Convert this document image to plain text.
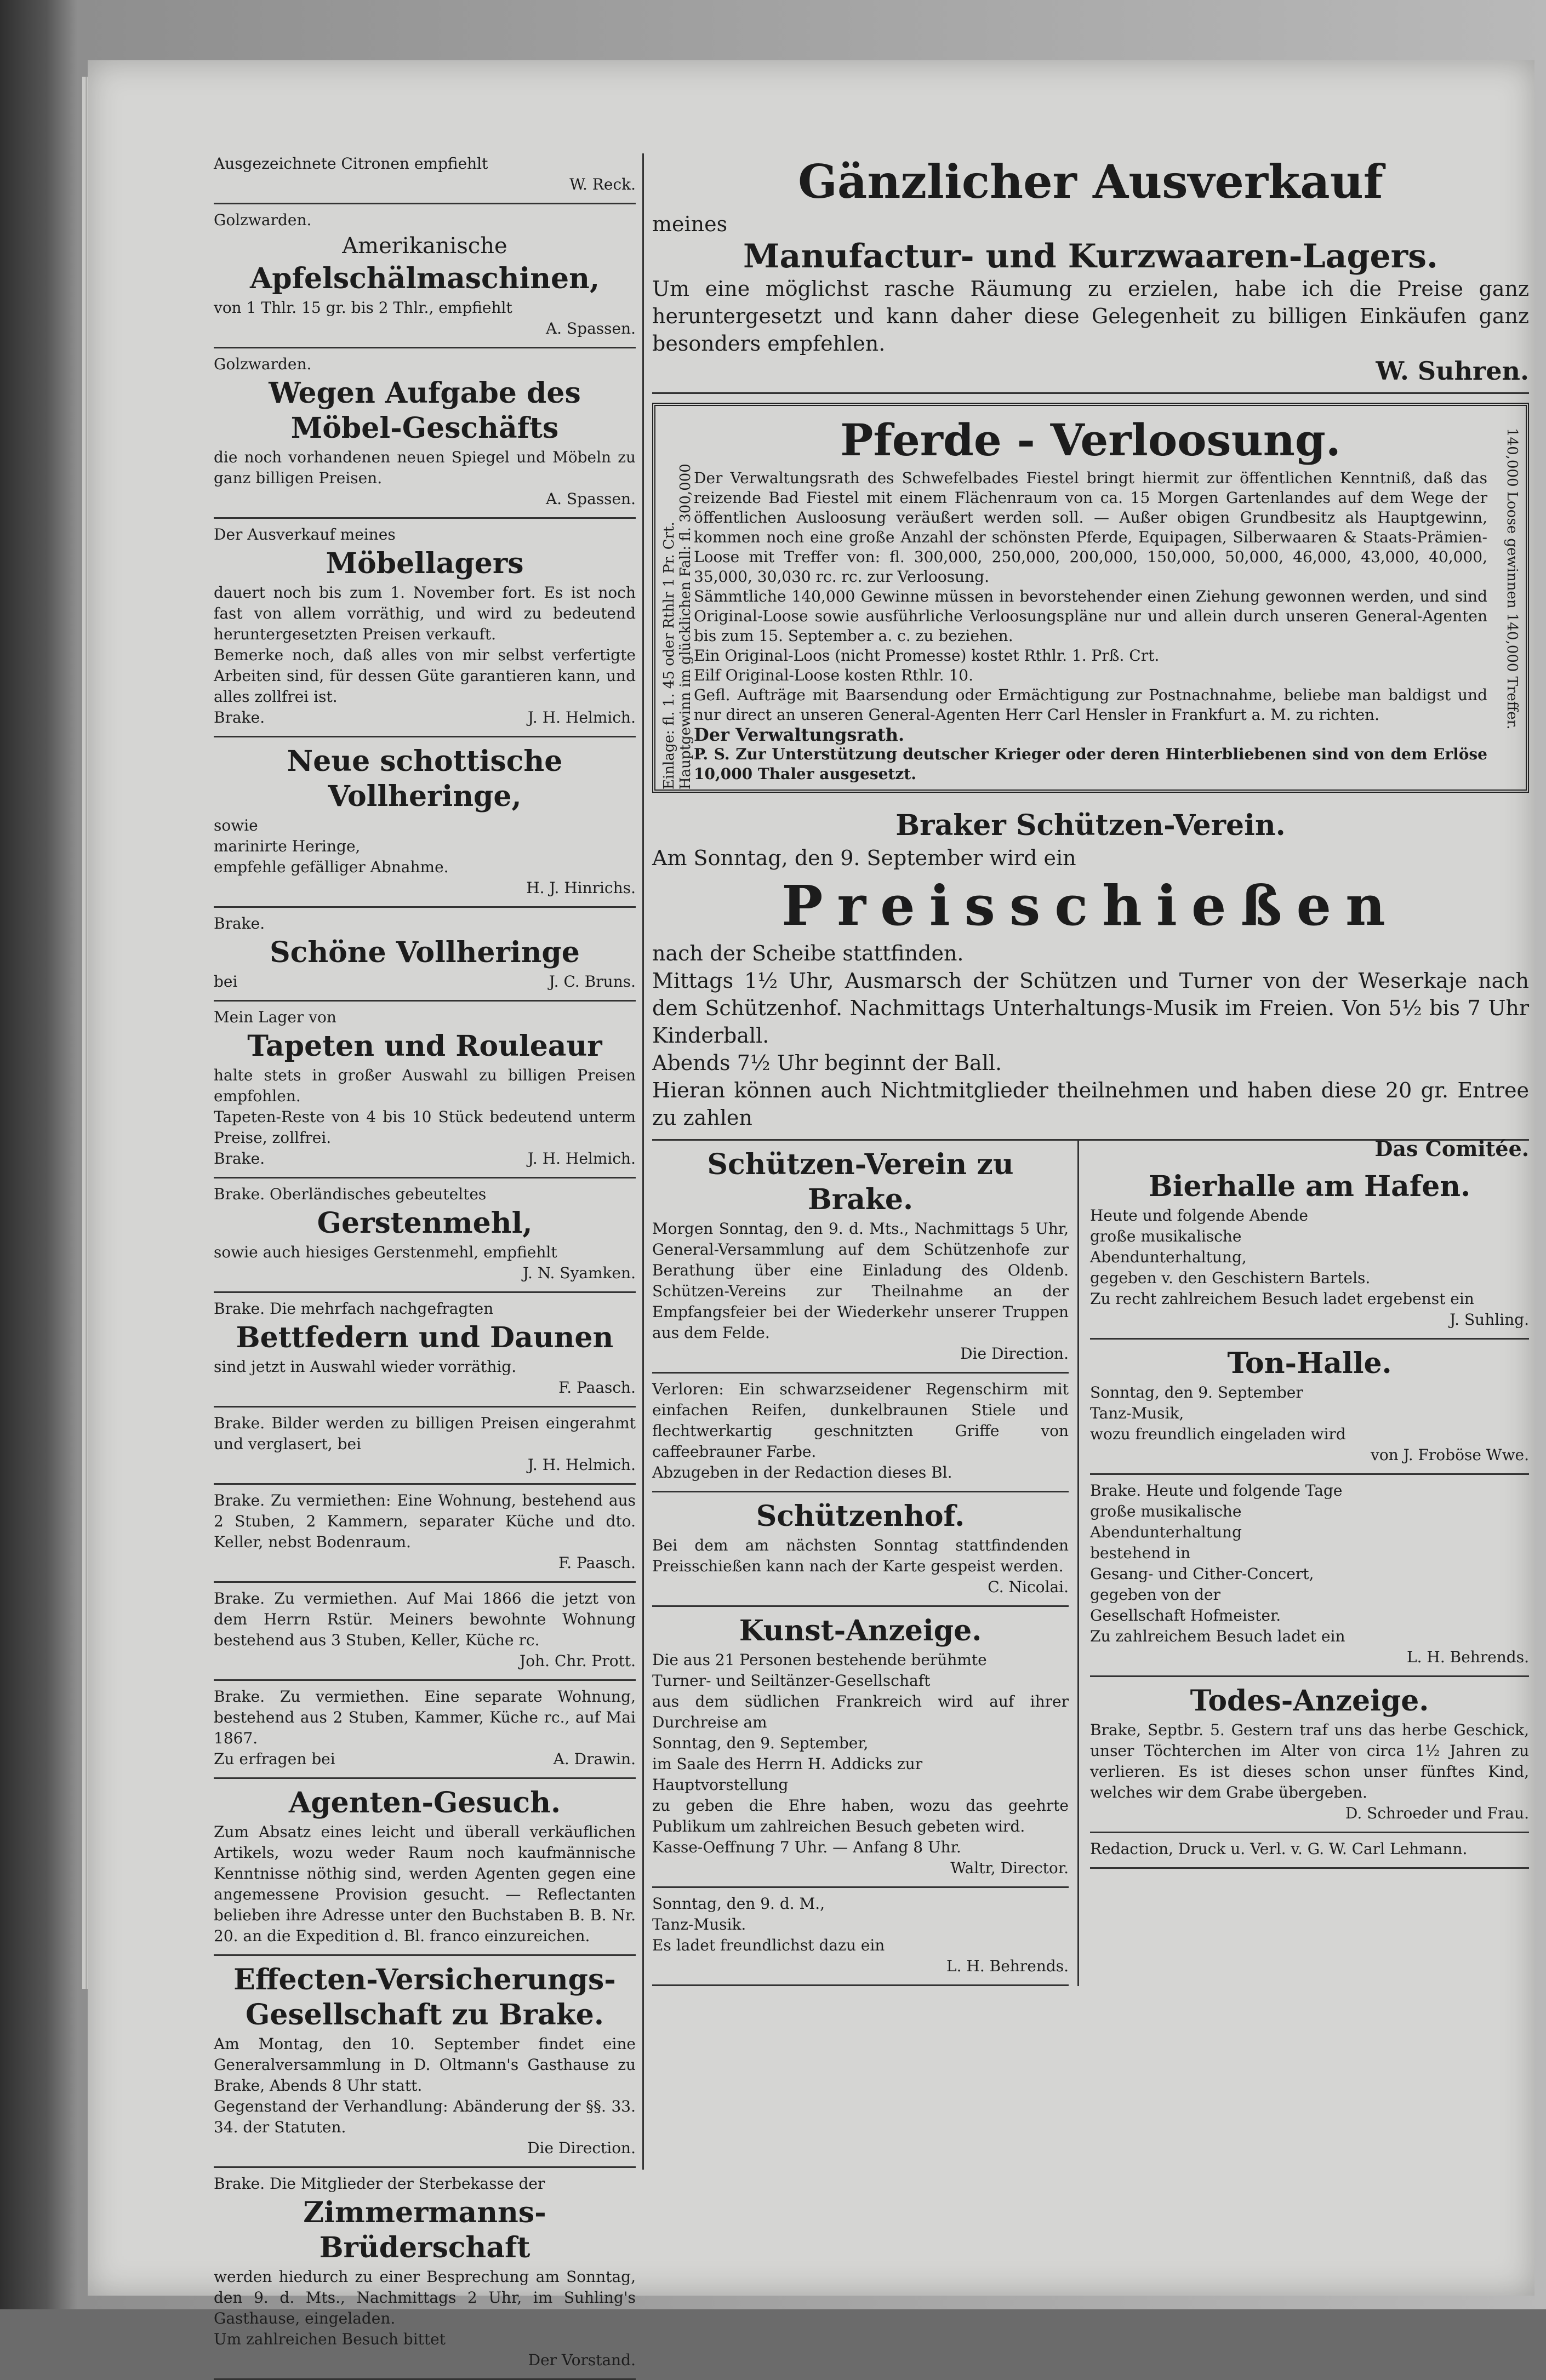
Ausgezeichnete Citronen empfiehlt

W. Reck.

Golzwarden.

Amerikanische

Apfelschälmaschinen,

von 1 Thlr. 15 gr. bis 2 Thlr., empfiehlt

A. Spassen.

Golzwarden.

Wegen Aufgabe des Möbel-Geschäfts

die noch vorhandenen neuen Spiegel und Möbeln zu ganz billigen Preisen.

A. Spassen.

Der Ausverkauf meines

Möbellagers

dauert noch bis zum 1. November fort. Es ist noch fast von allem vorräthig, und wird zu bedeutend heruntergesetzten Preisen verkauft.

Bemerke noch, daß alles von mir selbst verfertigte Arbeiten sind, für dessen Güte garantieren kann, und alles zollfrei ist.

Brake.	J. H. Helmich.

Neue schottische Vollheringe,

sowie

marinirte Heringe,

empfehle gefälliger Abnahme.

H. J. Hinrichs.

Brake.

Schöne Vollheringe

bei	J. C. Bruns.

Mein Lager von

Tapeten und Rouleaur

halte stets in großer Auswahl zu billigen Preisen empfohlen.

Tapeten-Reste von 4 bis 10 Stück bedeutend unterm Preise, zollfrei.

Brake.	J. H. Helmich.

Brake. Oberländisches gebeuteltes

Gerstenmehl,

sowie auch hiesiges Gerstenmehl, empfiehlt

J. N. Syamken.

Brake. Die mehrfach nachgefragten

Bettfedern und Daunen

sind jetzt in Auswahl wieder vorräthig.

F. Paasch.

Brake. Bilder werden zu billigen Preisen eingerahmt und verglasert, bei

J. H. Helmich.

Brake. Zu vermiethen: Eine Wohnung, bestehend aus 2 Stuben, 2 Kammern, separater Küche und dto. Keller, nebst Bodenraum.

F. Paasch.

Brake. Zu vermiethen. Auf Mai 1866 die jetzt von dem Herrn Rstür. Meiners bewohnte Wohnung bestehend aus 3 Stuben, Keller, Küche rc.

Joh. Chr. Prott.

Brake. Zu vermiethen. Eine separate Wohnung, bestehend aus 2 Stuben, Kammer, Küche rc., auf Mai 1867.

Zu erfragen bei	A. Drawin.

Agenten-Gesuch.

Zum Absatz eines leicht und überall verkäuflichen Artikels, wozu weder Raum noch kaufmännische Kenntnisse nöthig sind, werden Agenten gegen eine angemessene Provision gesucht. — Reflectanten belieben ihre Adresse unter den Buchstaben B. B. Nr. 20. an die Expedition d. Bl. franco einzureichen.

Effecten-Versicherungs-Gesellschaft zu Brake.

Am Montag, den 10. September findet eine Generalversammlung in D. Oltmann's Gasthause zu Brake, Abends 8 Uhr statt.

Gegenstand der Verhandlung: Abänderung der §§. 33. 34. der Statuten.

Die Direction.

Brake. Die Mitglieder der Sterbekasse der

Zimmermanns-Brüderschaft

werden hiedurch zu einer Besprechung am Sonntag, den 9. d. Mts., Nachmittags 2 Uhr, im Suhling's Gasthause, eingeladen.

Um zahlreichen Besuch bittet

Der Vorstand.

Gänzlicher Ausverkauf

meines

Manufactur- und Kurzwaaren-Lagers.

Um eine möglichst rasche Räumung zu erzielen, habe ich die Preise ganz heruntergesetzt und kann daher diese Gelegenheit zu billigen Einkäufen ganz besonders empfehlen.

W. Suhren.

Einlage: fl. 1. 45 oder Rthlr 1 Pr. Crt. Hauptgewinn im glücklichen Fall: fl. 300,000	140,000 Loose gewinnen 140,000 Treffer.

Pferde - Verloosung.

Der Verwaltungsrath des Schwefelbades Fiestel bringt hiermit zur öffentlichen Kenntniß, daß das reizende Bad Fiestel mit einem Flächenraum von ca. 15 Morgen Gartenlandes auf dem Wege der öffentlichen Ausloosung veräußert werden soll. — Außer obigen Grundbesitz als Hauptgewinn, kommen noch eine große Anzahl der schönsten Pferde, Equipagen, Silberwaaren & Staats-Prämien-Loose mit Treffer von: fl. 300,000, 250,000, 200,000, 150,000, 50,000, 46,000, 43,000, 40,000, 35,000, 30,030 rc. rc. zur Verloosung.

Sämmtliche 140,000 Gewinne müssen in bevorstehender einen Ziehung gewonnen werden, und sind Original-Loose sowie ausführliche Verloosungspläne nur und allein durch unseren General-Agenten bis zum 15. September a. c. zu beziehen.

Ein Original-Loos (nicht Promesse) kostet Rthlr. 1. Prß. Crt.

Eilf Original-Loose kosten Rthlr. 10.

Gefl. Aufträge mit Baarsendung oder Ermächtigung zur Postnachnahme, beliebe man baldigst und nur direct an unseren General-Agenten Herr Carl Hensler in Frankfurt a. M. zu richten.

Der Verwaltungsrath.

P. S. Zur Unterstützung deutscher Krieger oder deren Hinterbliebenen sind von dem Erlöse 10,000 Thaler ausgesetzt.

Braker Schützen-Verein.

Am Sonntag, den 9. September wird ein

Preisschießen

nach der Scheibe stattfinden.

Mittags 1½ Uhr, Ausmarsch der Schützen und Turner von der Weserkaje nach dem Schützenhof. Nachmittags Unterhaltungs-Musik im Freien. Von 5½ bis 7 Uhr Kinderball.

Abends 7½ Uhr beginnt der Ball.

Hieran können auch Nichtmitglieder theilnehmen und haben diese 20 gr. Entree zu zahlen

Schützen-Verein zu Brake.

Morgen Sonntag, den 9. d. Mts., Nachmittags 5 Uhr, General-Versammlung auf dem Schützenhofe zur Berathung über eine Einladung des Oldenb. Schützen-Vereins zur Theilnahme an der Empfangsfeier bei der Wiederkehr unserer Truppen aus dem Felde.

Die Direction.

Verloren: Ein schwarzseidener Regenschirm mit einfachen Reifen, dunkelbraunen Stiele und flechtwerkartig geschnitzten Griffe von caffeebrauner Farbe.

Abzugeben in der Redaction dieses Bl.

Schützenhof.

Bei dem am nächsten Sonntag stattfindenden Preisschießen kann nach der Karte gespeist werden.

C. Nicolai.

Kunst-Anzeige.

Die aus 21 Personen bestehende berühmte

Turner- und Seiltänzer-Gesellschaft

aus dem südlichen Frankreich wird auf ihrer Durchreise am

Sonntag, den 9. September,

im Saale des Herrn H. Addicks zur

Hauptvorstellung

zu geben die Ehre haben, wozu das geehrte Publikum um zahlreichen Besuch gebeten wird.

Kasse-Oeffnung 7 Uhr. — Anfang 8 Uhr.

Waltr, Director.

Sonntag, den 9. d. M.,

Tanz-Musik.

Es ladet freundlichst dazu ein

L. H. Behrends.

Das Comitée.

Bierhalle am Hafen.

Heute und folgende Abende

große musikalische

Abendunterhaltung,

gegeben v. den Geschistern Bartels.

Zu recht zahlreichem Besuch ladet ergebenst ein

J. Suhling.

Ton-Halle.

Sonntag, den 9. September

Tanz-Musik,

wozu freundlich eingeladen wird

von J. Froböse Wwe.

Brake. Heute und folgende Tage

große musikalische

Abendunterhaltung

bestehend in

Gesang- und Cither-Concert,

gegeben von der

Gesellschaft Hofmeister.

Zu zahlreichem Besuch ladet ein

L. H. Behrends.

Todes-Anzeige.

Brake, Septbr. 5. Gestern traf uns das herbe Geschick, unser Töchterchen im Alter von circa 1½ Jahren zu verlieren. Es ist dieses schon unser fünftes Kind, welches wir dem Grabe übergeben.

D. Schroeder und Frau.

Redaction, Druck u. Verl. v. G. W. Carl Lehmann.
